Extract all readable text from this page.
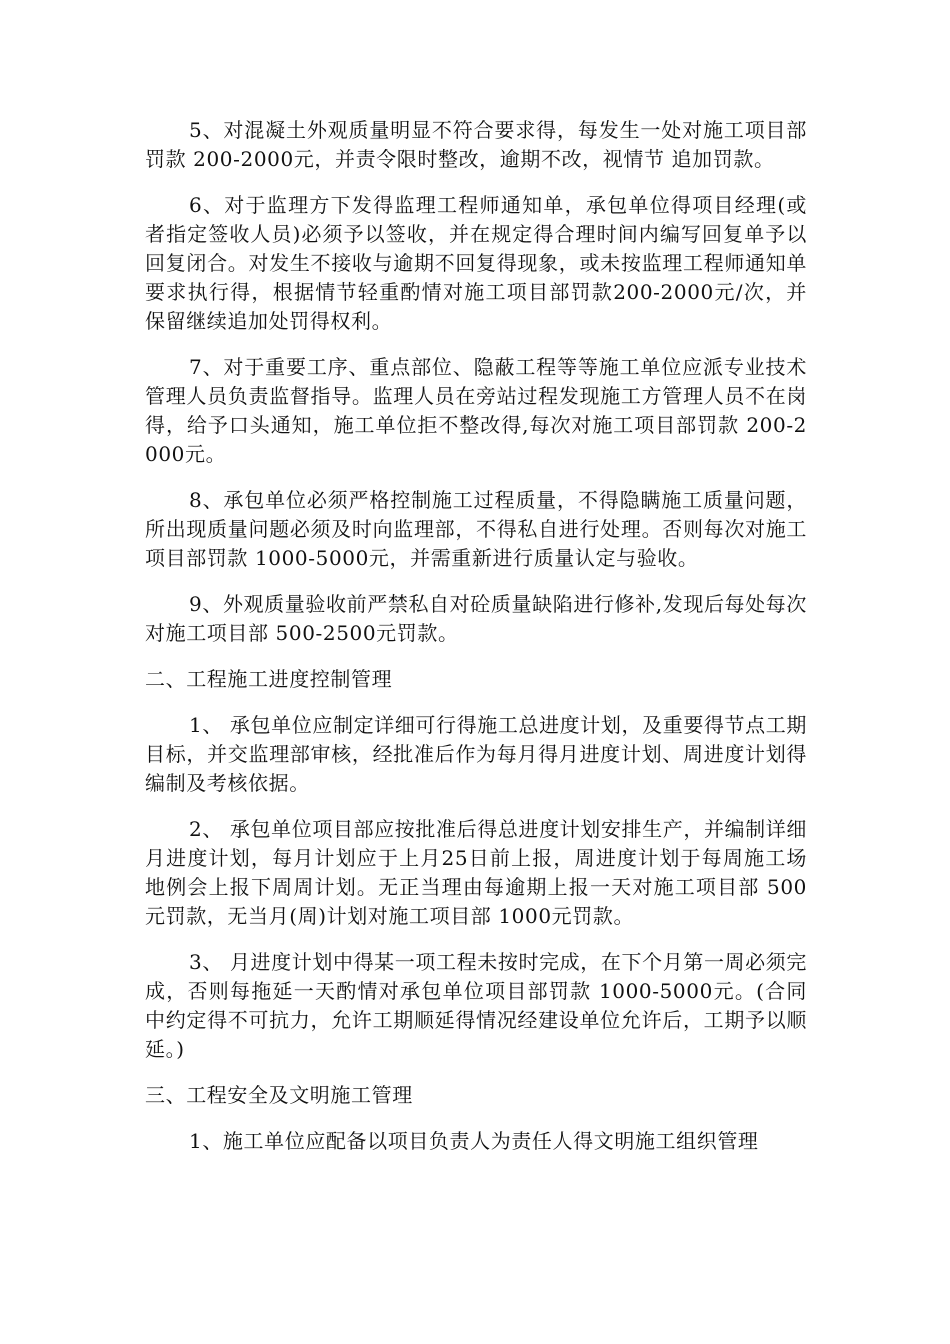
5、对混凝土外观质量明显不符合要求得，每发生一处对施工项目部罚款 200-2000元，并责令限时整改，逾期不改，视情节 追加罚款。

6、对于监理方下发得监理工程师通知单，承包单位得项目经理(或者指定签收人员)必须予以签收，并在规定得合理时间内编写回复单予以回复闭合。对发生不接收与逾期不回复得现象，或未按监理工程师通知单要求执行得，根据情节轻重酌情对施工项目部罚款200-2000元/次，并保留继续追加处罚得权利。

7、对于重要工序、重点部位、隐蔽工程等等施工单位应派专业技术管理人员负责监督指导。监理人员在旁站过程发现施工方管理人员不在岗得，给予口头通知，施工单位拒不整改得,每次对施工项目部罚款 200-2000元。

8、承包单位必须严格控制施工过程质量，不得隐瞒施工质量问题，所出现质量问题必须及时向监理部，不得私自进行处理。否则每次对施工项目部罚款 1000-5000元，并需重新进行质量认定与验收。

9、外观质量验收前严禁私自对砼质量缺陷进行修补,发现后每处每次对施工项目部 500-2500元罚款。

二、工程施工进度控制管理

1、 承包单位应制定详细可行得施工总进度计划，及重要得节点工期目标，并交监理部审核，经批准后作为每月得月进度计划、周进度计划得编制及考核依据。

2、 承包单位项目部应按批准后得总进度计划安排生产，并编制详细月进度计划，每月计划应于上月25日前上报，周进度计划于每周施工场地例会上报下周周计划。无正当理由每逾期上报一天对施工项目部 500元罚款，无当月(周)计划对施工项目部 1000元罚款。

3、 月进度计划中得某一项工程未按时完成，在下个月第一周必须完成，否则每拖延一天酌情对承包单位项目部罚款 1000-5000元。(合同中约定得不可抗力，允许工期顺延得情况经建设单位允许后，工期予以顺延。)

三、工程安全及文明施工管理

1、施工单位应配备以项目负责人为责任人得文明施工组织管理
